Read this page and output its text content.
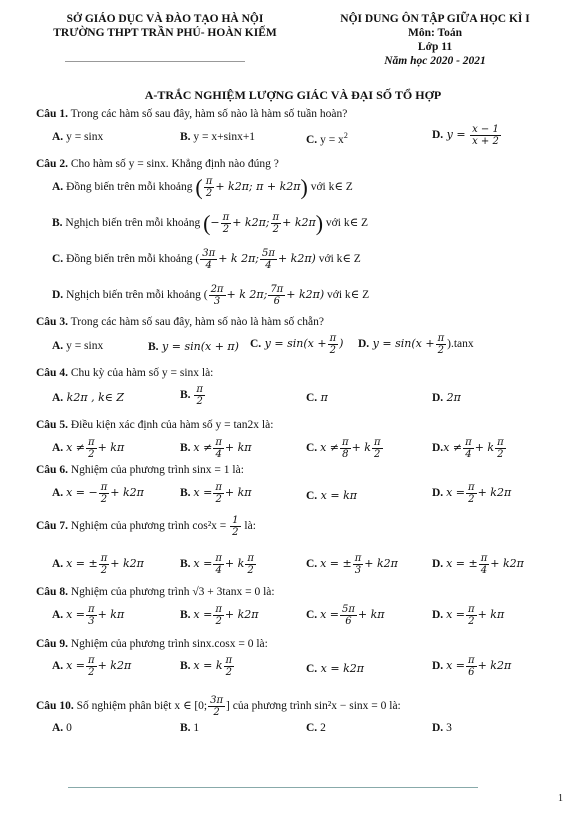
SỞ GIÁO DỤC VÀ ĐÀO TẠO HÀ NỘI
TRƯỜNG THPT TRẦN PHÚ- HOÀN KIẾM
NỘI DUNG ÔN TẬP GIỮA HỌC KÌ I
Môn: Toán
Lớp 11
Năm học 2020 - 2021
A-TRẮC NGHIỆM LƯỢNG GIÁC VÀ ĐẠI SỐ TỔ HỢP
Câu 1. Trong các hàm số sau đây, hàm số nào là hàm số tuần hoàn?
A. y = sinx	B. y = x+sinx+1	C. $y = x^2$	D. $y = \frac{x - 1}{x + 2}$
Câu 2. Cho hàm số y = sinx. Khẳng định nào đúng ?
A. Đồng biến trên mỗi khoảng ( $\frac{\pi}{2} + k2\pi$; π + k2π) với k∈ Z
B. Nghịch biến trên mỗi khoảng (− $\frac{\pi}{2} + k2\pi$; $\frac{\pi}{2} + k2\pi$) với k∈ Z
C. Đồng biến trên mỗi khoảng ( $\frac{3\pi}{4} + k$ 2π; $\frac{5\pi}{4} + k2\pi$) với k∈ Z
D. Nghịch biến trên mỗi khoảng ( $\frac{2\pi}{3} + k$ 2π; $\frac{7\pi}{6} + k2\pi$) với k∈ Z
Câu 3. Trong các hàm số sau đây, hàm số nào là hàm số chẵn?
A. y = sinx	B. y = sin(x + π) C. $y = \sin(x + \frac{\pi}{2}$ ) D. $y = \sin(x + \frac{\pi}{2} ).\tan x$
Câu 4. Chu kỳ của hàm số y = sinx là:
A. k2π , k∈ Z	B. $\frac{\pi}{2}$	C. π	D. 2π
Câu 5. Điều kiện xác định của hàm số y = tan2x là:
A. $x \ne \frac{\pi}{2} + k\pi$	B. $x \ne \frac{\pi}{4} + k\pi$	C. $x \ne \frac{\pi}{8} + k \frac{\pi}{2}$	$D.x \ne \frac{\pi}{4} + k \frac{\pi}{2}$
Câu 6. Nghiệm của phương trình sinx = 1 là:
A. x = − $\frac{\pi}{2} + k2\pi$	B. $x = \frac{\pi}{2} + k\pi$	C. x = kπ	D. $x = \frac{\pi}{2} + k2\pi$
Câu 7. Nghiệm của phương trình $\cos^2x = \frac{1}{2}$ là:
A. x = ± $\frac{\pi}{2} + k2\pi$	B. $x = \frac{\pi}{4} + k \frac{\pi}{2}$	C. x = ± $\frac{\pi}{3} + k2\pi$	D. x = ± $\frac{\pi}{4} + k2\pi$
Câu 8. Nghiệm của phương trình √3 + 3tanx = 0 là:
A. $x = \frac{\pi}{3} + k\pi$	B. $x = \frac{\pi}{2} + k2\pi$	C. $x = \frac{5\pi}{6} + k\pi$	D. $x = \frac{\pi}{2} + k\pi$
Câu 9. Nghiệm của phương trình sinx.cosx = 0 là:
A. $x = \frac{\pi}{2} + k2\pi$	B. x = k $\frac{\pi}{2}$	C. x = k2π	D. $x = \frac{\pi}{6} + k2\pi$
Câu 10. Số nghiệm phân biệt x ∈ [0; $\frac{3\pi}{2}$ ] của phương trình sin²x − sinx = 0 là:
A. 0	B. 1	C. 2	D. 3
1
